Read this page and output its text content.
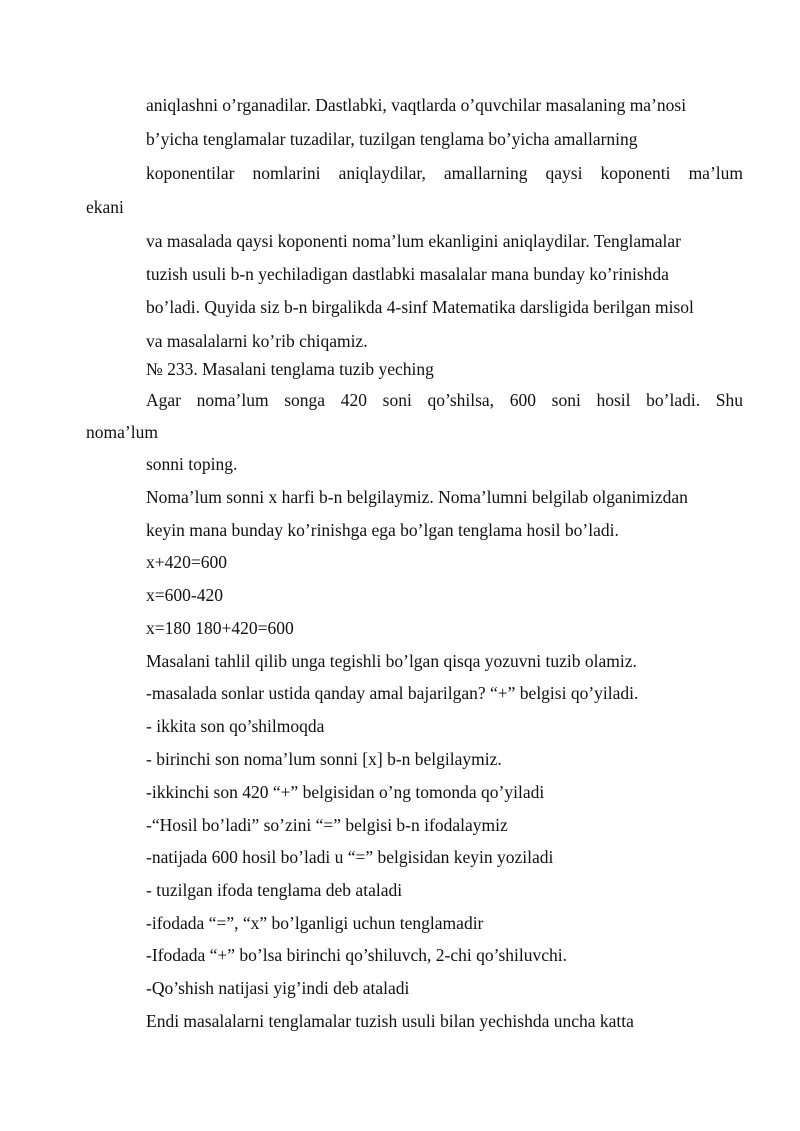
aniqlashni o’rganadilar. Dastlabki, vaqtlarda o’quvchilar masalaning ma’nosi
b’yicha tenglamalar tuzadilar, tuzilgan tenglama bo’yicha amallarning
koponentilar nomlarini aniqlaydilar, amallarning qaysi koponenti ma’lum
ekani
va masalada qaysi koponenti noma’lum ekanligini aniqlaydilar. Tenglamalar
tuzish usuli b-n yechiladigan dastlabki masalalar mana bunday ko’rinishda
bo’ladi. Quyida siz b-n birgalikda 4-sinf Matematika darsligida berilgan misol
va masalalarni ko’rib chiqamiz.
№ 233. Masalani tenglama tuzib yeching
Agar noma’lum songa 420 soni qo’shilsa, 600 soni hosil bo’ladi. Shu
noma’lum
sonni toping.
Noma’lum sonni x harfi b-n belgilaymiz. Noma’lumni belgilab olganimizdan
keyin mana bunday ko’rinishga ega bo’lgan tenglama hosil bo’ladi.
x+420=600
x=600-420
x=180 180+420=600
Masalani tahlil qilib unga tegishli bo’lgan qisqa yozuvni tuzib olamiz.
-masalada sonlar ustida qanday amal bajarilgan? “+” belgisi qo’yiladi.
- ikkita son qo’shilmoqda
- birinchi son noma’lum sonni [x] b-n belgilaymiz.
-ikkinchi son 420 “+” belgisidan o’ng tomonda qo’yiladi
-“Hosil bo’ladi” so’zini “=” belgisi b-n ifodalaymiz
-natijada 600 hosil bo’ladi u “=” belgisidan keyin yoziladi
- tuzilgan ifoda tenglama deb ataladi
-ifodada “=”, “x” bo’lganligi uchun tenglamadir
-Ifodada “+” bo’lsa birinchi qo’shiluvch, 2-chi qo’shiluvchi.
-Qo’shish natijasi yig’indi deb ataladi
Endi masalalarni tenglamalar tuzish usuli bilan yechishda uncha katta
